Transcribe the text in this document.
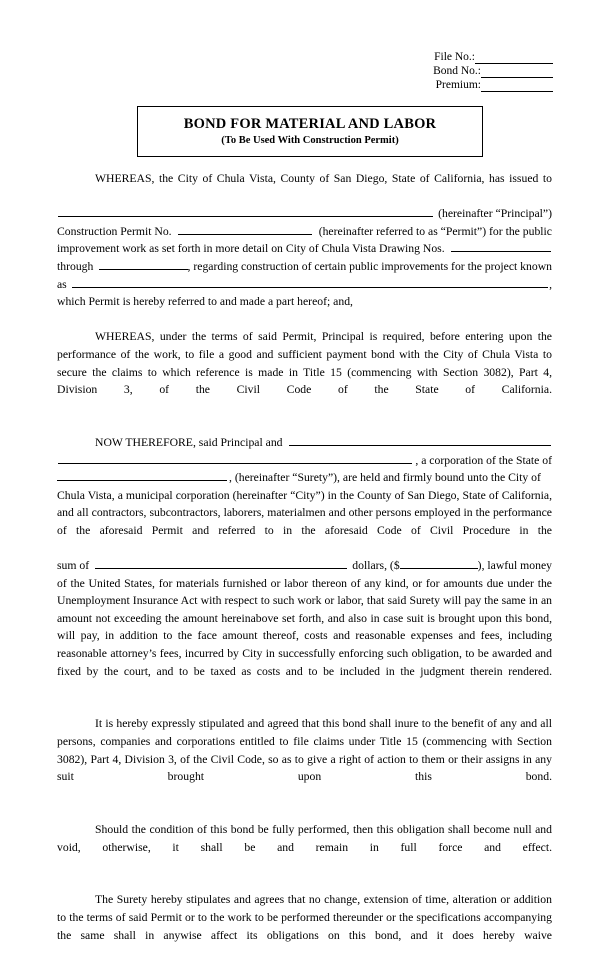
File No.:
Bond No.:
Premium:
BOND FOR MATERIAL AND LABOR
(To Be Used With Construction Permit)
WHEREAS, the City of Chula Vista, County of San Diego, State of California, has issued to
(hereinafter “Principal”)
Construction Permit No.	(hereinafter referred to as “Permit”) for the public
improvement work as set forth in more detail on City of Chula Vista Drawing Nos.
through	, regarding construction of certain public improvements for the project known
as	,
which Permit is hereby referred to and made a part hereof; and,
WHEREAS, under the terms of said Permit, Principal is required, before entering upon the performance of the work, to file a good and sufficient payment bond with the City of Chula Vista to secure the claims to which reference is made in Title 15 (commencing with Section 3082), Part 4, Division 3, of the Civil Code of the State of California.
NOW THEREFORE, said Principal and
, a corporation of the State of
, (hereinafter “Surety”), are held and firmly bound unto the City of
Chula Vista, a municipal corporation (hereinafter “City”) in the County of San Diego, State of California, and all contractors, subcontractors, laborers, materialmen and other persons employed in the performance of the aforesaid Permit and referred to in the aforesaid Code of Civil Procedure in the
sum of	dollars, ($	), lawful money
of the United States, for materials furnished or labor thereon of any kind, or for amounts due under the Unemployment Insurance Act with respect to such work or labor, that said Surety will pay the same in an amount not exceeding the amount hereinabove set forth, and also in case suit is brought upon this bond, will pay, in addition to the face amount thereof, costs and reasonable expenses and fees, including reasonable attorney’s fees, incurred by City in successfully enforcing such obligation, to be awarded and fixed by the court, and to be taxed as costs and to be included in the judgment therein rendered.
It is hereby expressly stipulated and agreed that this bond shall inure to the benefit of any and all persons, companies and corporations entitled to file claims under Title 15 (commencing with Section 3082), Part 4, Division 3, of the Civil Code, so as to give a right of action to them or their assigns in any suit brought upon this bond.
Should the condition of this bond be fully performed, then this obligation shall become null and void, otherwise, it shall be and remain in full force and effect.
The Surety hereby stipulates and agrees that no change, extension of time, alteration or addition to the terms of said Permit or to the work to be performed thereunder or the specifications accompanying the same shall in anywise affect its obligations on this bond, and it does hereby waive
